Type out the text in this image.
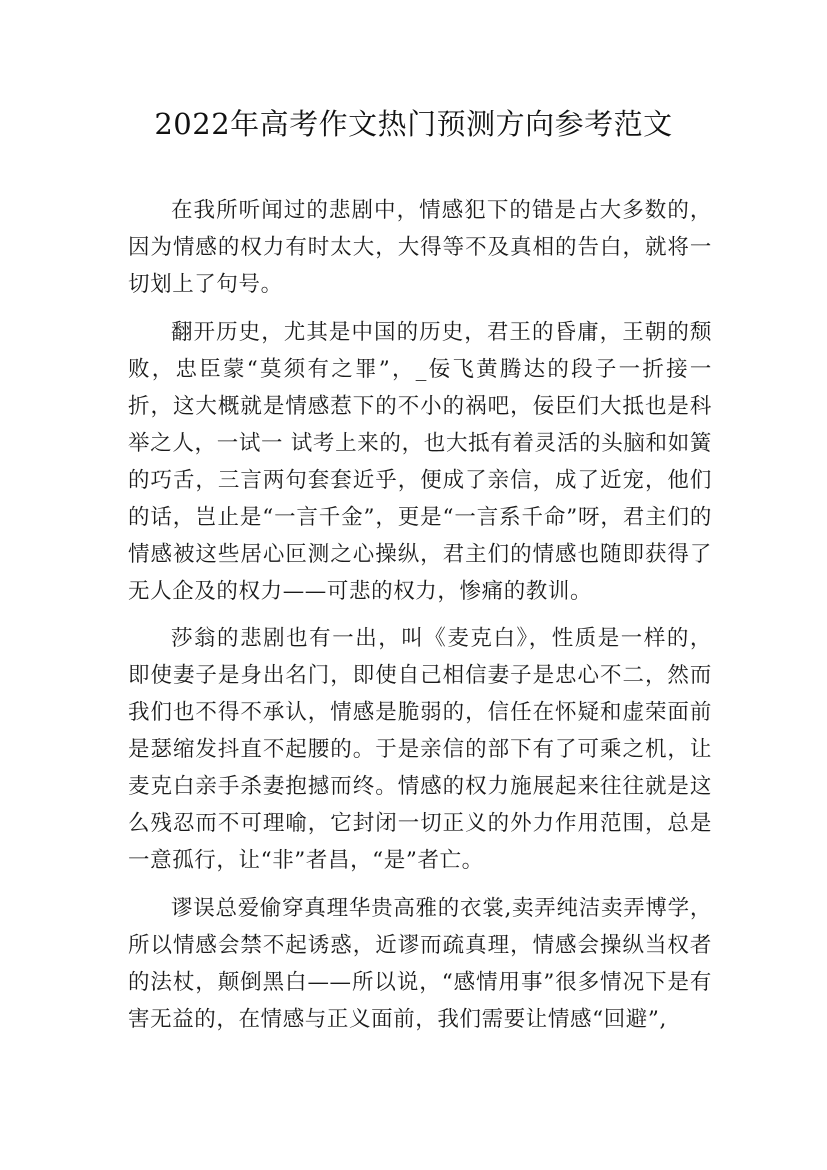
2022年高考作文热门预测方向参考范文

在我所听闻过的悲剧中，情感犯下的错是占大多数的，因为情感的权力有时太大，大得等不及真相的告白，就将一切划上了句号。

翻开历史，尤其是中国的历史，君王的昏庸，王朝的颓败，忠臣蒙“莫须有之罪”，_佞飞黄腾达的段子一折接一折，这大概就是情感惹下的不小的祸吧，佞臣们大抵也是科举之人，一试一 试考上来的，也大抵有着灵活的头脑和如簧的巧舌，三言两句套套近乎，便成了亲信，成了近宠，他们的话，岂止是“一言千金”，更是“一言系千命”呀，君主们的情感被这些居心叵测之心操纵，君主们的情感也随即获得了无人企及的权力——可悲的权力，惨痛的教训。

莎翁的悲剧也有一出，叫《麦克白》，性质是一样的，即使妻子是身出名门，即使自己相信妻子是忠心不二，然而我们也不得不承认，情感是脆弱的，信任在怀疑和虚荣面前是瑟缩发抖直不起腰的。于是亲信的部下有了可乘之机，让麦克白亲手杀妻抱撼而终。情感的权力施展起来往往就是这么残忍而不可理喻，它封闭一切正义的外力作用范围，总是一意孤行，让“非”者昌，“是”者亡。

谬误总爱偷穿真理华贵高雅的衣裳,卖弄纯洁卖弄博学，所以情感会禁不起诱惑，近谬而疏真理，情感会操纵当权者的法杖，颠倒黑白——所以说，“感情用事”很多情况下是有害无益的，在情感与正义面前，我们需要让情感“回避”,
